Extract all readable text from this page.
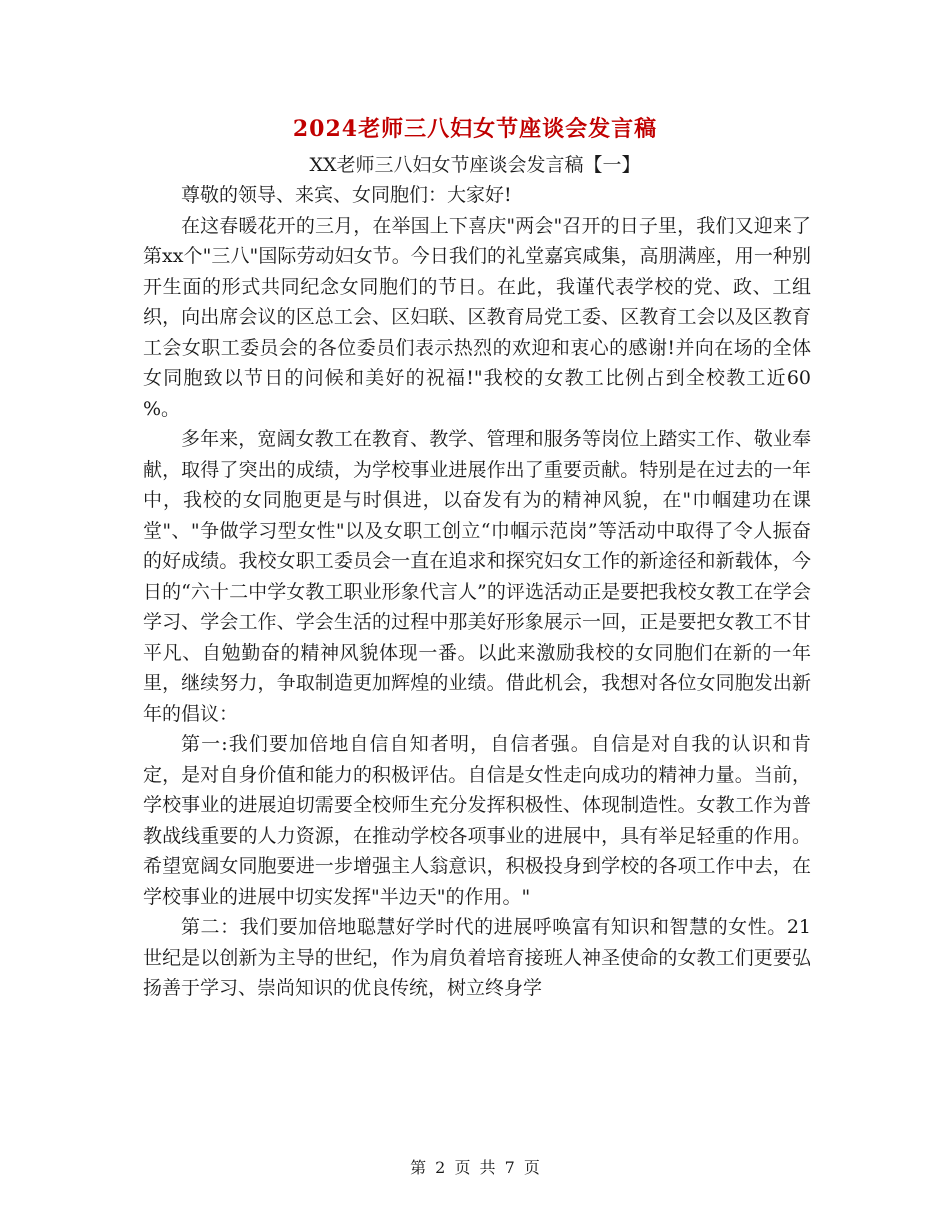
2024老师三八妇女节座谈会发言稿
XX老师三八妇女节座谈会发言稿【一】

尊敬的领导、来宾、女同胞们：大家好!

在这春暖花开的三月，在举国上下喜庆"两会"召开的日子里，我们又迎来了第xx个"三八"国际劳动妇女节。今日我们的礼堂嘉宾咸集，高朋满座，用一种别开生面的形式共同纪念女同胞们的节日。在此，我谨代表学校的党、政、工组织，向出席会议的区总工会、区妇联、区教育局党工委、区教育工会以及区教育工会女职工委员会的各位委员们表示热烈的欢迎和衷心的感谢!并向在场的全体女同胞致以节日的问候和美好的祝福!"我校的女教工比例占到全校教工近60 %。

多年来，宽阔女教工在教育、教学、管理和服务等岗位上踏实工作、敬业奉献，取得了突出的成绩，为学校事业进展作出了重要贡献。特别是在过去的一年中，我校的女同胞更是与时俱进，以奋发有为的精神风貌，在"巾帼建功在课堂"、"争做学习型女性"以及女职工创立“巾帼示范岗”等活动中取得了令人振奋的好成绩。我校女职工委员会一直在追求和探究妇女工作的新途径和新载体，今日的“六十二中学女教工职业形象代言人”的评选活动正是要把我校女教工在学会学习、学会工作、学会生活的过程中那美好形象展示一回，正是要把女教工不甘平凡、自勉勤奋的精神风貌体现一番。以此来激励我校的女同胞们在新的一年里，继续努力，争取制造更加辉煌的业绩。借此机会，我想对各位女同胞发出新年的倡议：

第一:我们要加倍地自信自知者明，自信者强。自信是对自我的认识和肯定，是对自身价值和能力的积极评估。自信是女性走向成功的精神力量。当前，学校事业的进展迫切需要全校师生充分发挥积极性、体现制造性。女教工作为普教战线重要的人力资源，在推动学校各项事业的进展中，具有举足轻重的作用。希望宽阔女同胞要进一步增强主人翁意识，积极投身到学校的各项工作中去，在学校事业的进展中切实发挥"半边天"的作用。"

第二：我们要加倍地聪慧好学时代的进展呼唤富有知识和智慧的女性。21世纪是以创新为主导的世纪，作为肩负着培育接班人神圣使命的女教工们更要弘扬善于学习、崇尚知识的优良传统，树立终身学

第 2 页 共 7 页
